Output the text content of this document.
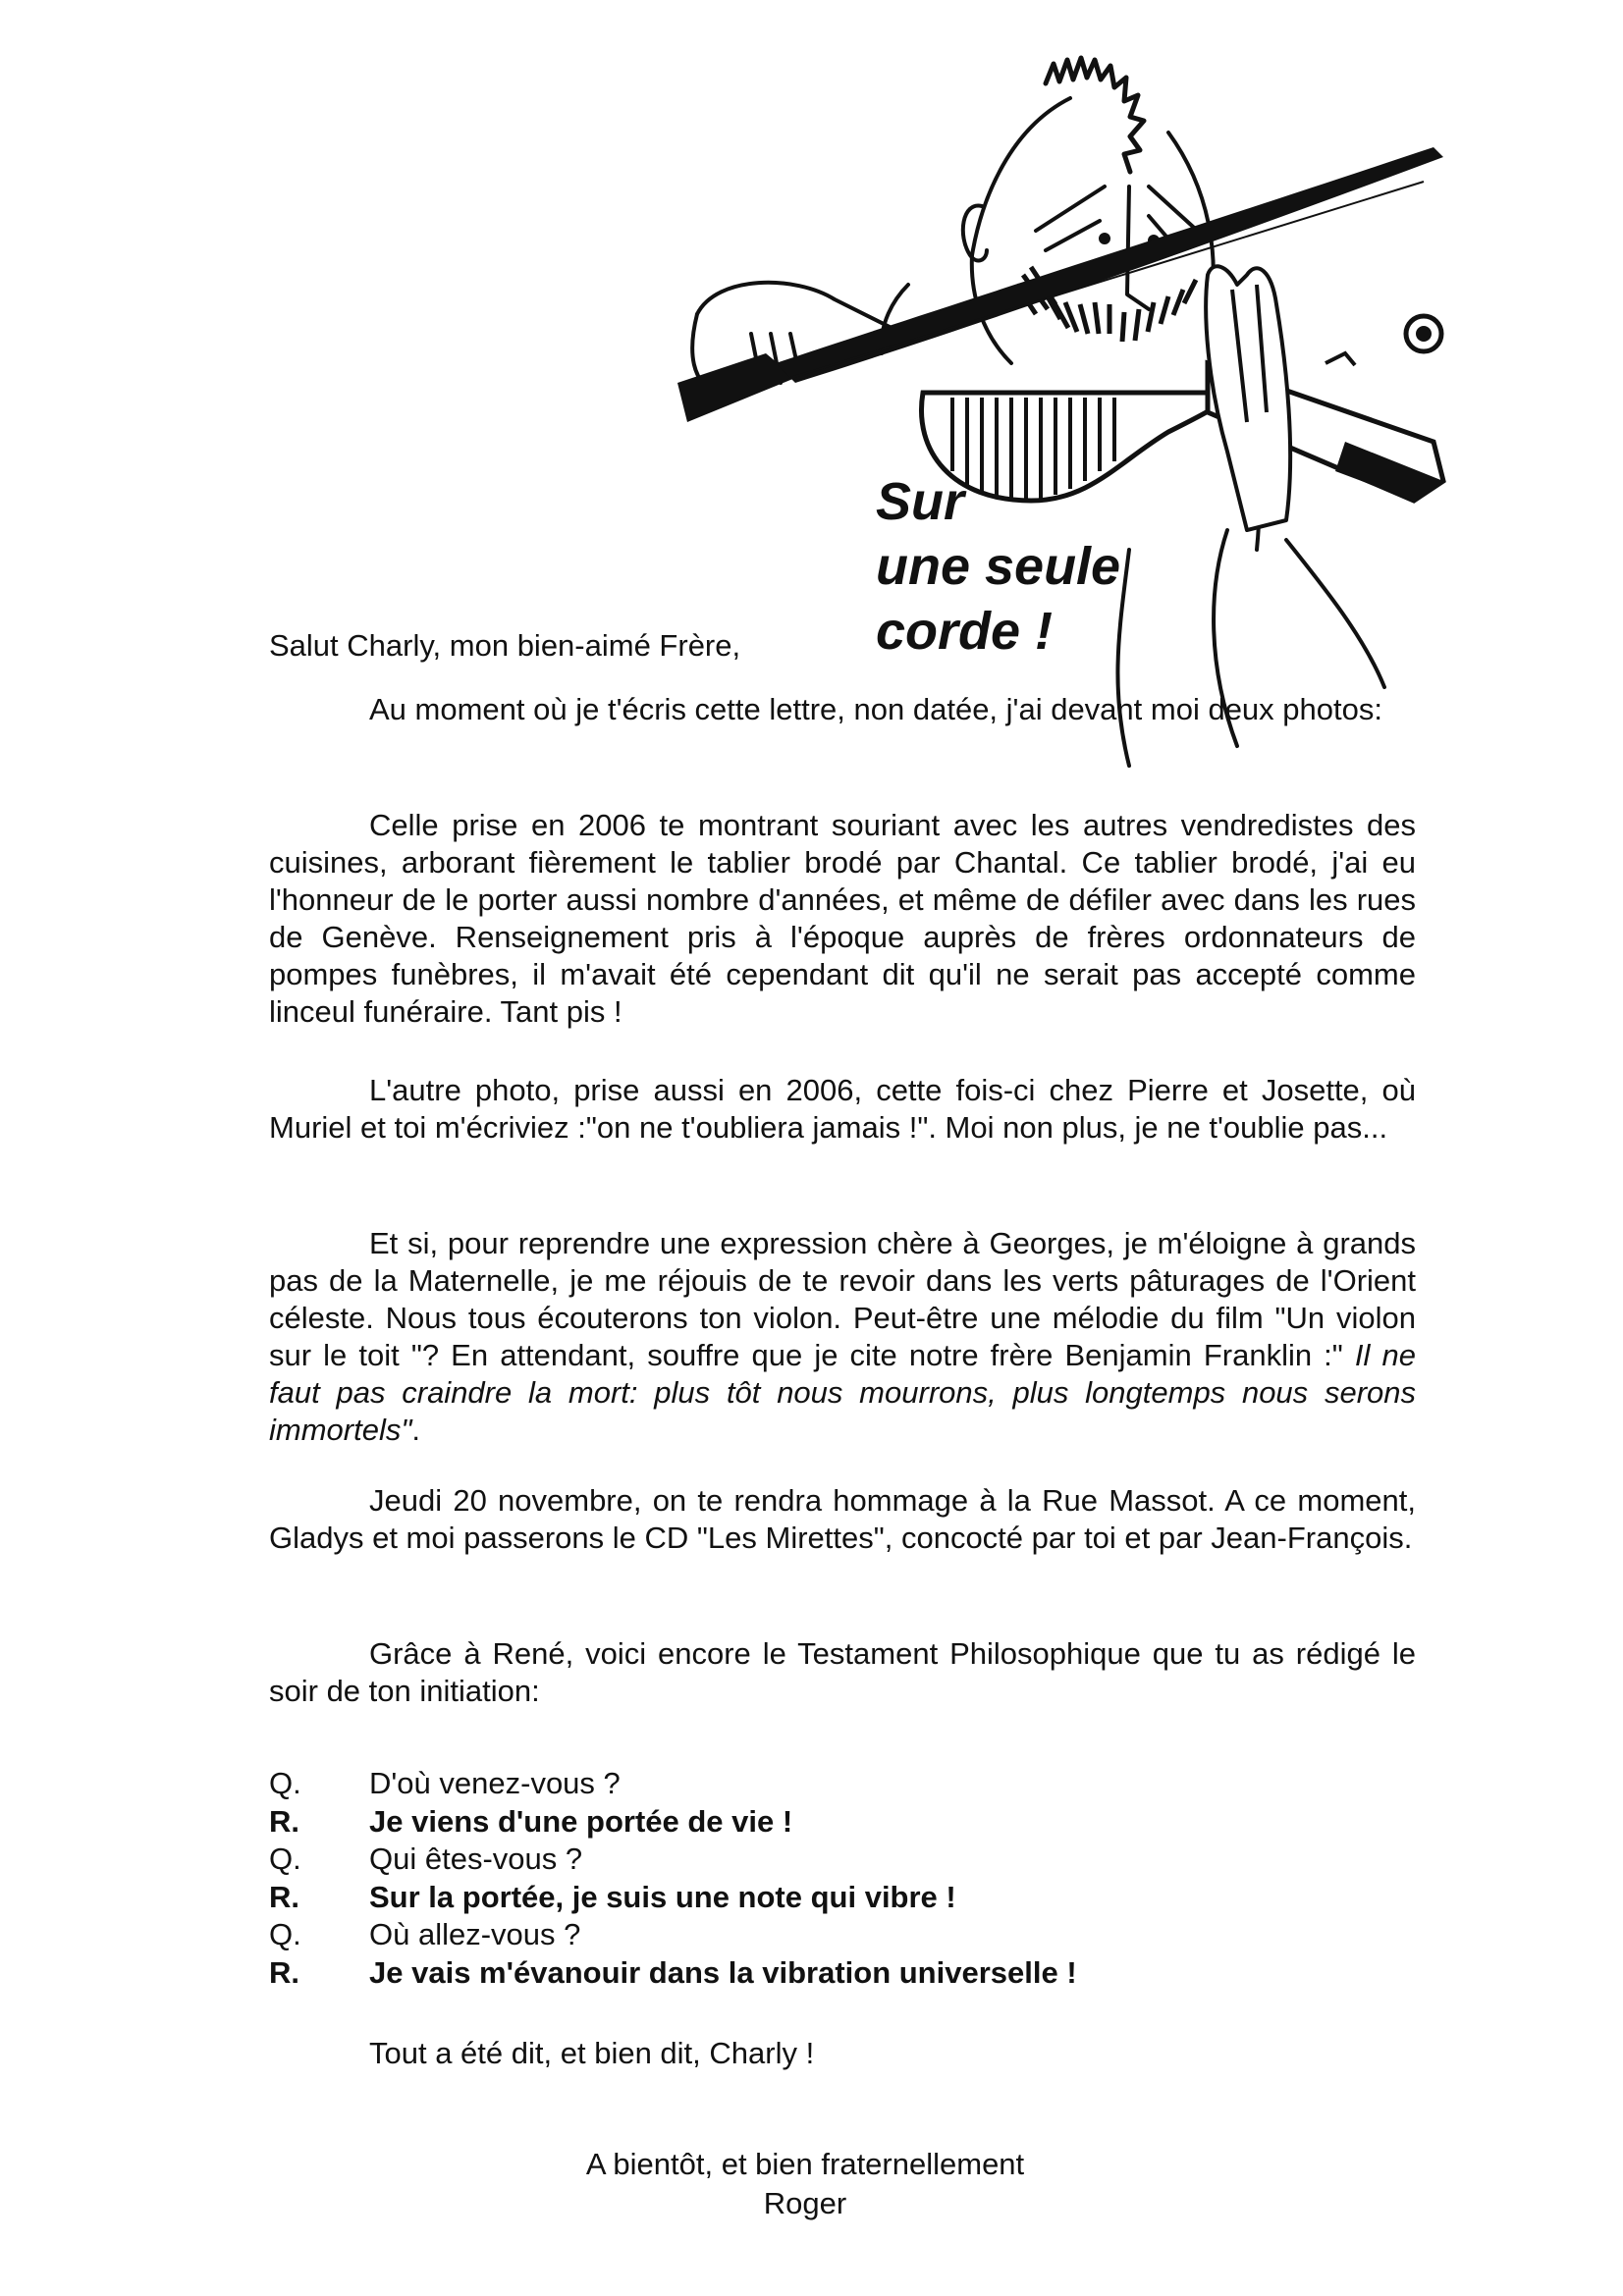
Sur
une seule
corde !
Salut Charly, mon bien-aimé Frère,

Au moment où je t'écris cette lettre, non datée, j'ai devant moi deux photos:

Celle prise en 2006 te montrant souriant avec les autres vendredistes des cuisines, arborant fièrement le tablier brodé par Chantal. Ce tablier brodé, j'ai eu l'honneur de le porter aussi nombre d'années, et même de défiler avec dans les rues de Genève. Renseignement pris à l'époque auprès de frères ordonnateurs de pompes funèbres, il m'avait été cependant dit qu'il ne serait pas accepté comme linceul funéraire. Tant pis !

L'autre photo, prise aussi en 2006, cette fois-ci chez Pierre et Josette, où Muriel et toi m'écriviez :"on ne t'oubliera jamais !". Moi non plus, je ne t'oublie pas...

Et si, pour reprendre une expression chère à Georges, je m'éloigne à grands pas de la Maternelle, je me réjouis de te revoir dans les verts pâturages de l'Orient céleste. Nous tous écouterons ton violon. Peut-être une mélodie du film "Un violon sur le toit "? En attendant, souffre que je cite notre frère Benjamin Franklin :" Il ne faut pas craindre la mort: plus tôt nous mourrons, plus longtemps nous serons immortels".

Jeudi 20 novembre, on te rendra hommage à la Rue Massot. A ce moment, Gladys et moi passerons le CD "Les Mirettes", concocté par toi et par Jean-François.

Grâce à René, voici encore le Testament Philosophique que tu as rédigé le soir de ton initiation:

Q.	D'où venez-vous ?
R.	Je viens d'une portée de vie !
Q.	Qui êtes-vous ?
R.	Sur la portée, je suis une note qui vibre !
Q.	Où allez-vous ?
R.	Je vais m'évanouir dans la vibration universelle !
Tout a été dit, et bien dit, Charly !
A bientôt, et bien fraternellement
Roger
